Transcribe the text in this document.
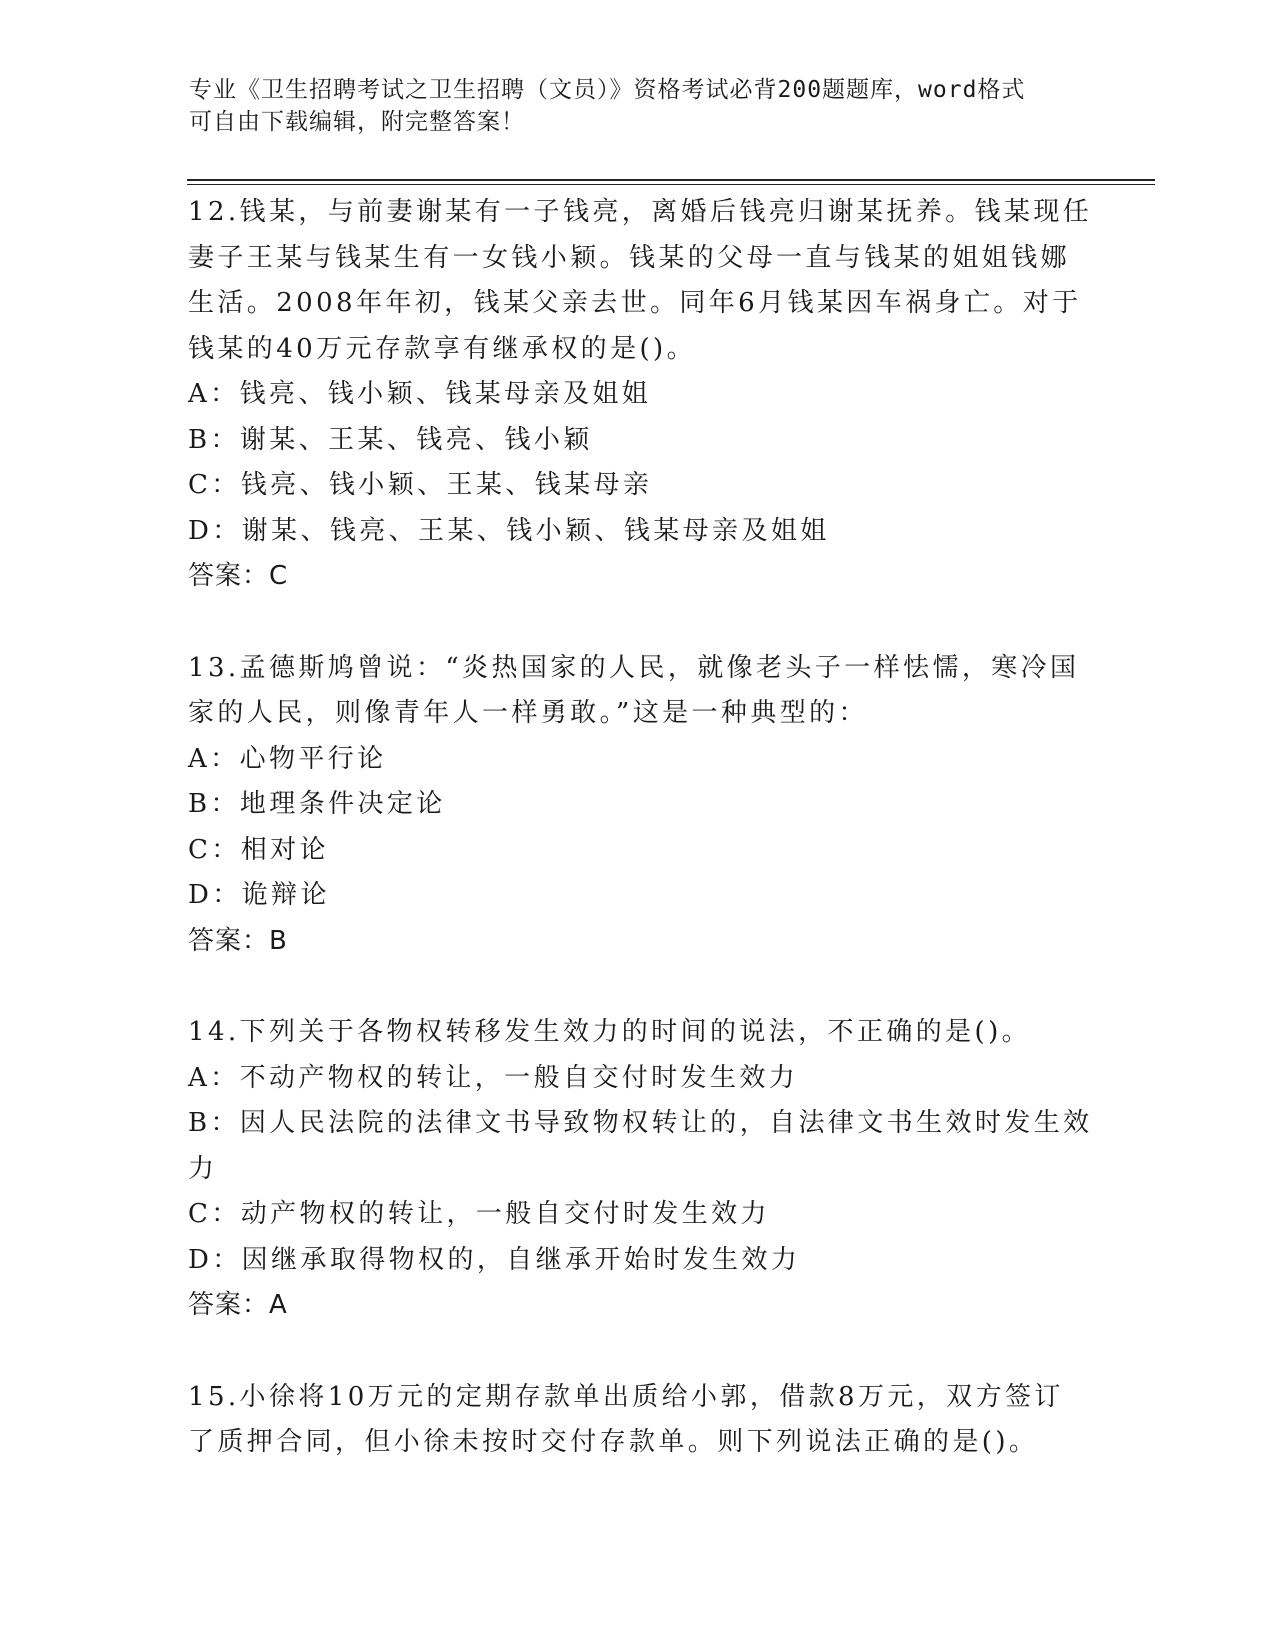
专业《卫生招聘考试之卫生招聘（文员）》资格考试必背200题题库，word格式
可自由下载编辑，附完整答案！
12.钱某，与前妻谢某有一子钱亮，离婚后钱亮归谢某抚养。钱某现任
妻子王某与钱某生有一女钱小颖。钱某的父母一直与钱某的姐姐钱娜
生活。2008年年初，钱某父亲去世。同年6月钱某因车祸身亡。对于
钱某的40万元存款享有继承权的是()。
A：钱亮、钱小颖、钱某母亲及姐姐
B：谢某、王某、钱亮、钱小颖
C：钱亮、钱小颖、王某、钱某母亲
D：谢某、钱亮、王某、钱小颖、钱某母亲及姐姐
答案：C
13.孟德斯鸠曾说：“炎热国家的人民，就像老头子一样怯懦，寒冷国
家的人民，则像青年人一样勇敢。”这是一种典型的：
A：心物平行论
B：地理条件决定论
C：相对论
D：诡辩论
答案：B
14.下列关于各物权转移发生效力的时间的说法，不正确的是()。
A：不动产物权的转让，一般自交付时发生效力
B：因人民法院的法律文书导致物权转让的，自法律文书生效时发生效
力
C：动产物权的转让，一般自交付时发生效力
D：因继承取得物权的，自继承开始时发生效力
答案：A
15.小徐将10万元的定期存款单出质给小郭，借款8万元，双方签订
了质押合同，但小徐未按时交付存款单。则下列说法正确的是()。
